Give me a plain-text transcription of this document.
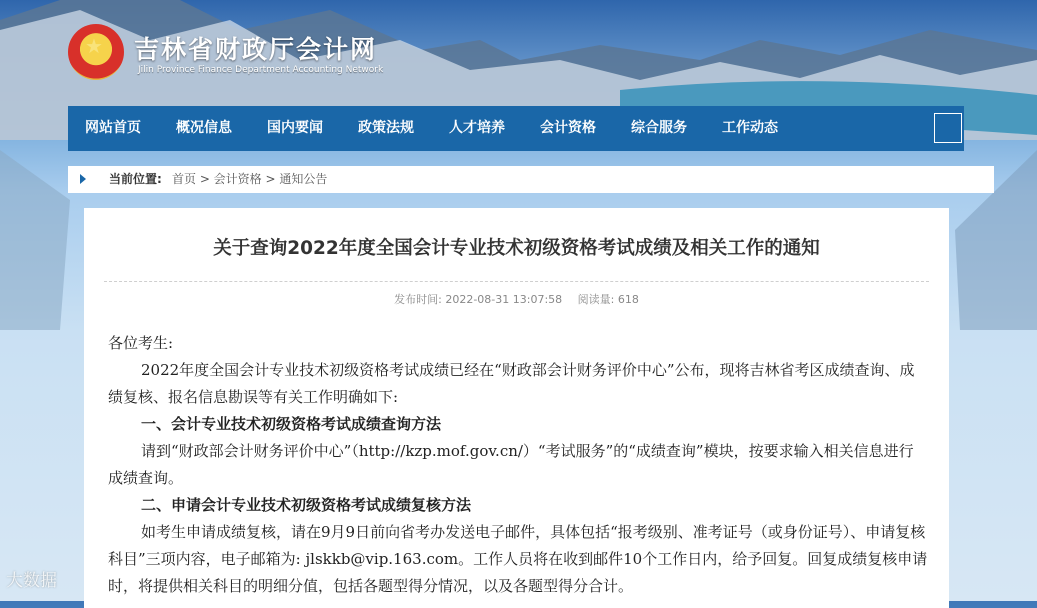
★ 吉林省财政厅会计网
Jilin Province Finance Department Accounting Network
网站首页	概况信息	国内要闻	政策法规	人才培养	会计资格	综合服务	工作动态
当前位置: 首页 > 会计资格 > 通知公告
关于查询2022年度全国会计专业技术初级资格考试成绩及相关工作的通知
发布时间: 2022-08-31 13:07:58 阅读量: 618

各位考生:

2022年度全国会计专业技术初级资格考试成绩已经在“财政部会计财务评价中心”公布，现将吉林省考区成绩查询、成绩复核、报名信息勘误等有关工作明确如下:

一、会计专业技术初级资格考试成绩查询方法

请到“财政部会计财务评价中心”（http://kzp.mof.gov.cn/）“考试服务”的“成绩查询”模块，按要求输入相关信息进行成绩查询。

二、申请会计专业技术初级资格考试成绩复核方法

如考生申请成绩复核，请在9月9日前向省考办发送电子邮件，具体包括“报考级别、准考证号（或身份证号）、申请复核科目”三项内容，电子邮箱为: jlskkb@vip.163.com。工作人员将在收到邮件10个工作日内，给予回复。回复成绩复核申请时，将提供相关科目的明细分值，包括各题型得分情况，以及各题型得分合计。

大数据
